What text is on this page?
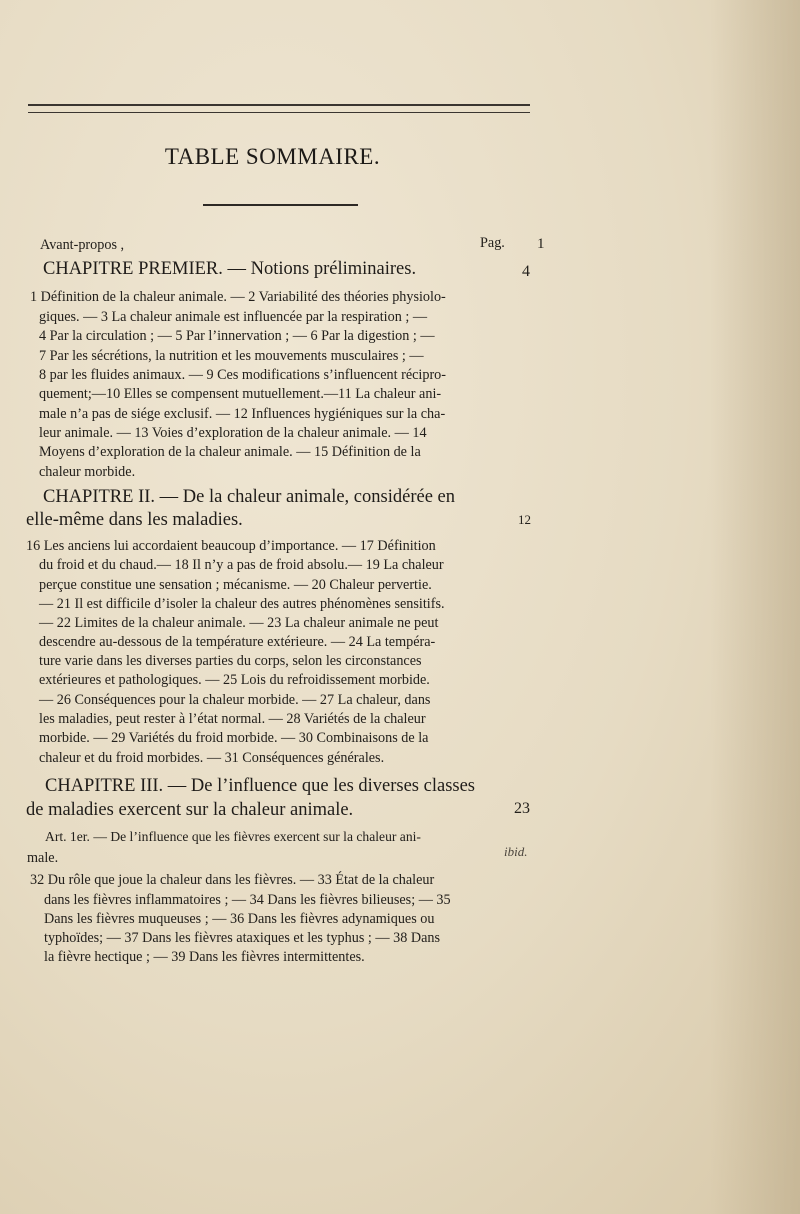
TABLE SOMMAIRE.
Avant-propos ,	Pag. 1
CHAPITRE PREMIER. — Notions préliminaires.	4
1 Définition de la chaleur animale. — 2 Variabilité des théories physiolo-
giques. — 3 La chaleur animale est influencée par la respiration ; —
4 Par la circulation ; — 5 Par l’innervation ; — 6 Par la digestion ; —
7 Par les sécrétions, la nutrition et les mouvements musculaires ; —
8 par les fluides animaux. — 9 Ces modifications s’influencent récipro-
quement;—10 Elles se compensent mutuellement.—11 La chaleur ani-
male n’a pas de siége exclusif. — 12 Influences hygiéniques sur la cha-
leur animale. — 13 Voies d’exploration de la chaleur animale. — 14
Moyens d’exploration de la chaleur animale. — 15 Définition de la
chaleur morbide.
CHAPITRE II. — De la chaleur animale, considérée en
elle-même dans les maladies.	12
16 Les anciens lui accordaient beaucoup d’importance. — 17 Définition
du froid et du chaud.— 18 Il n’y a pas de froid absolu.— 19 La chaleur
perçue constitue une sensation ; mécanisme. — 20 Chaleur pervertie.
— 21 Il est difficile d’isoler la chaleur des autres phénomènes sensitifs.
— 22 Limites de la chaleur animale. — 23 La chaleur animale ne peut
descendre au-dessous de la température extérieure. — 24 La tempéra-
ture varie dans les diverses parties du corps, selon les circonstances
extérieures et pathologiques. — 25 Lois du refroidissement morbide.
— 26 Conséquences pour la chaleur morbide. — 27 La chaleur, dans
les maladies, peut rester à l’état normal. — 28 Variétés de la chaleur
morbide. — 29 Variétés du froid morbide. — 30 Combinaisons de la
chaleur et du froid morbides. — 31 Conséquences générales.
CHAPITRE III. — De l’influence que les diverses classes
de maladies exercent sur la chaleur animale.	23
Art. 1er. — De l’influence que les fièvres exercent sur la chaleur ani-
male.	ibid.
32 Du rôle que joue la chaleur dans les fièvres. — 33 État de la chaleur
dans les fièvres inflammatoires ; — 34 Dans les fièvres bilieuses; — 35
Dans les fièvres muqueuses ; — 36 Dans les fièvres adynamiques ou
typhoïdes; — 37 Dans les fièvres ataxiques et les typhus ; — 38 Dans
la fièvre hectique ; — 39 Dans les fièvres intermittentes.
